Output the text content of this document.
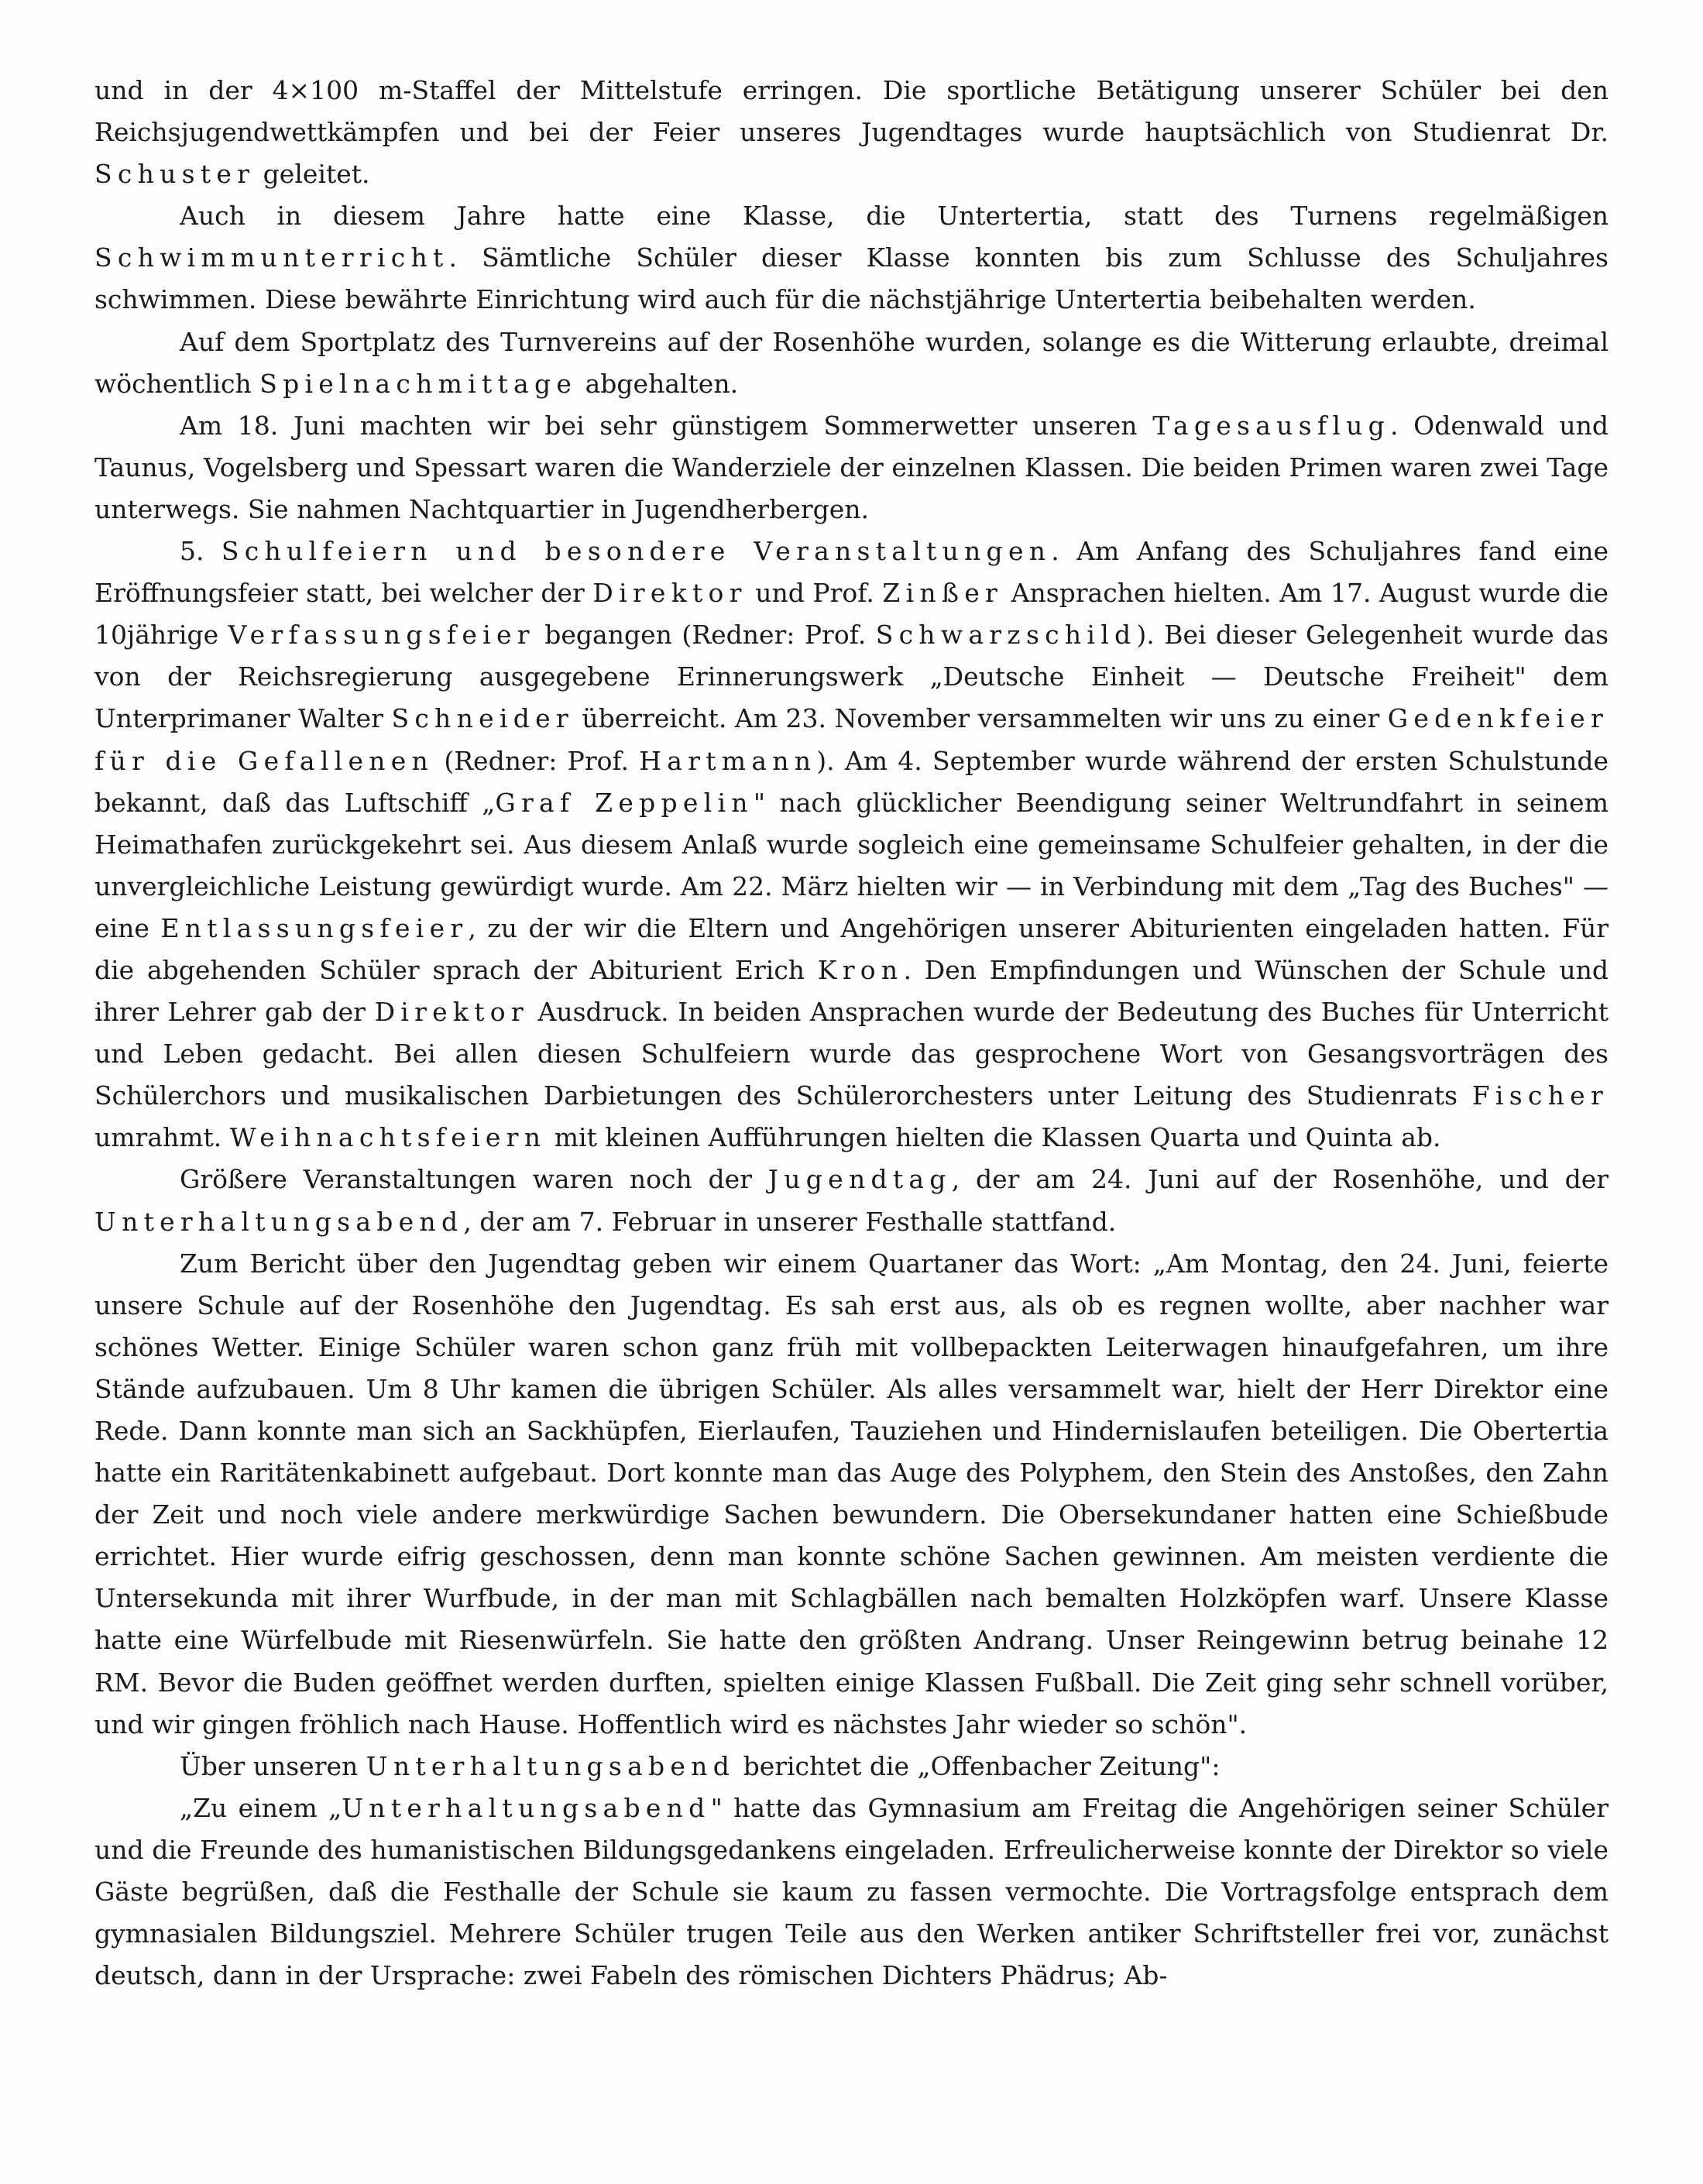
und in der 4×100 m-Staffel der Mittelstufe erringen. Die sportliche Betätigung unserer Schüler bei den Reichsjugendwettkämpfen und bei der Feier unseres Jugendtages wurde hauptsächlich von Studienrat Dr. Schuster geleitet.

Auch in diesem Jahre hatte eine Klasse, die Untertertia, statt des Turnens regelmäßigen Schwimmunterricht. Sämtliche Schüler dieser Klasse konnten bis zum Schlusse des Schuljahres schwimmen. Diese bewährte Einrichtung wird auch für die nächstjährige Untertertia beibehalten werden.

Auf dem Sportplatz des Turnvereins auf der Rosenhöhe wurden, solange es die Witterung erlaubte, dreimal wöchentlich Spielnachmittage abgehalten.

Am 18. Juni machten wir bei sehr günstigem Sommerwetter unseren Tagesausflug. Odenwald und Taunus, Vogelsberg und Spessart waren die Wanderziele der einzelnen Klassen. Die beiden Primen waren zwei Tage unterwegs. Sie nahmen Nachtquartier in Jugendherbergen.

5. Schulfeiern und besondere Veranstaltungen. Am Anfang des Schuljahres fand eine Eröffnungsfeier statt, bei welcher der Direktor und Prof. Zinßer Ansprachen hielten. Am 17. August wurde die 10jährige Verfassungsfeier begangen (Redner: Prof. Schwarzschild). Bei dieser Gelegenheit wurde das von der Reichsregierung ausgegebene Erinnerungswerk „Deutsche Einheit — Deutsche Freiheit" dem Unterprimaner Walter Schneider überreicht. Am 23. November versammelten wir uns zu einer Gedenkfeier für die Gefallenen (Redner: Prof. Hartmann). Am 4. September wurde während der ersten Schulstunde bekannt, daß das Luftschiff „Graf Zeppelin" nach glücklicher Beendigung seiner Weltrundfahrt in seinem Heimathafen zurückgekehrt sei. Aus diesem Anlaß wurde sogleich eine gemeinsame Schulfeier gehalten, in der die unvergleichliche Leistung gewürdigt wurde. Am 22. März hielten wir — in Verbindung mit dem „Tag des Buches" — eine Entlassungsfeier, zu der wir die Eltern und Angehörigen unserer Abiturienten eingeladen hatten. Für die abgehenden Schüler sprach der Abiturient Erich Kron. Den Empfindungen und Wünschen der Schule und ihrer Lehrer gab der Direktor Ausdruck. In beiden Ansprachen wurde der Bedeutung des Buches für Unterricht und Leben gedacht. Bei allen diesen Schulfeiern wurde das gesprochene Wort von Gesangsvorträgen des Schülerchors und musikalischen Darbietungen des Schülerorchesters unter Leitung des Studienrats Fischer umrahmt. Weihnachtsfeiern mit kleinen Aufführungen hielten die Klassen Quarta und Quinta ab.

Größere Veranstaltungen waren noch der Jugendtag, der am 24. Juni auf der Rosenhöhe, und der Unterhaltungsabend, der am 7. Februar in unserer Festhalle stattfand.

Zum Bericht über den Jugendtag geben wir einem Quartaner das Wort: „Am Montag, den 24. Juni, feierte unsere Schule auf der Rosenhöhe den Jugendtag. Es sah erst aus, als ob es regnen wollte, aber nachher war schönes Wetter. Einige Schüler waren schon ganz früh mit vollbepackten Leiterwagen hinaufgefahren, um ihre Stände aufzubauen. Um 8 Uhr kamen die übrigen Schüler. Als alles versammelt war, hielt der Herr Direktor eine Rede. Dann konnte man sich an Sackhüpfen, Eierlaufen, Tauziehen und Hindernislaufen beteiligen. Die Obertertia hatte ein Raritätenkabinett aufgebaut. Dort konnte man das Auge des Polyphem, den Stein des Anstoßes, den Zahn der Zeit und noch viele andere merkwürdige Sachen bewundern. Die Obersekundaner hatten eine Schießbude errichtet. Hier wurde eifrig geschossen, denn man konnte schöne Sachen gewinnen. Am meisten verdiente die Untersekunda mit ihrer Wurfbude, in der man mit Schlagbällen nach bemalten Holzköpfen warf. Unsere Klasse hatte eine Würfelbude mit Riesenwürfeln. Sie hatte den größten Andrang. Unser Reingewinn betrug beinahe 12 RM. Bevor die Buden geöffnet werden durften, spielten einige Klassen Fußball. Die Zeit ging sehr schnell vorüber, und wir gingen fröhlich nach Hause. Hoffentlich wird es nächstes Jahr wieder so schön".

Über unseren Unterhaltungsabend berichtet die „Offenbacher Zeitung":

„Zu einem „Unterhaltungsabend" hatte das Gymnasium am Freitag die Angehörigen seiner Schüler und die Freunde des humanistischen Bildungsgedankens eingeladen. Erfreulicherweise konnte der Direktor so viele Gäste begrüßen, daß die Festhalle der Schule sie kaum zu fassen vermochte. Die Vortragsfolge entsprach dem gymnasialen Bildungsziel. Mehrere Schüler trugen Teile aus den Werken antiker Schriftsteller frei vor, zunächst deutsch, dann in der Ursprache: zwei Fabeln des römischen Dichters Phädrus; Ab-
